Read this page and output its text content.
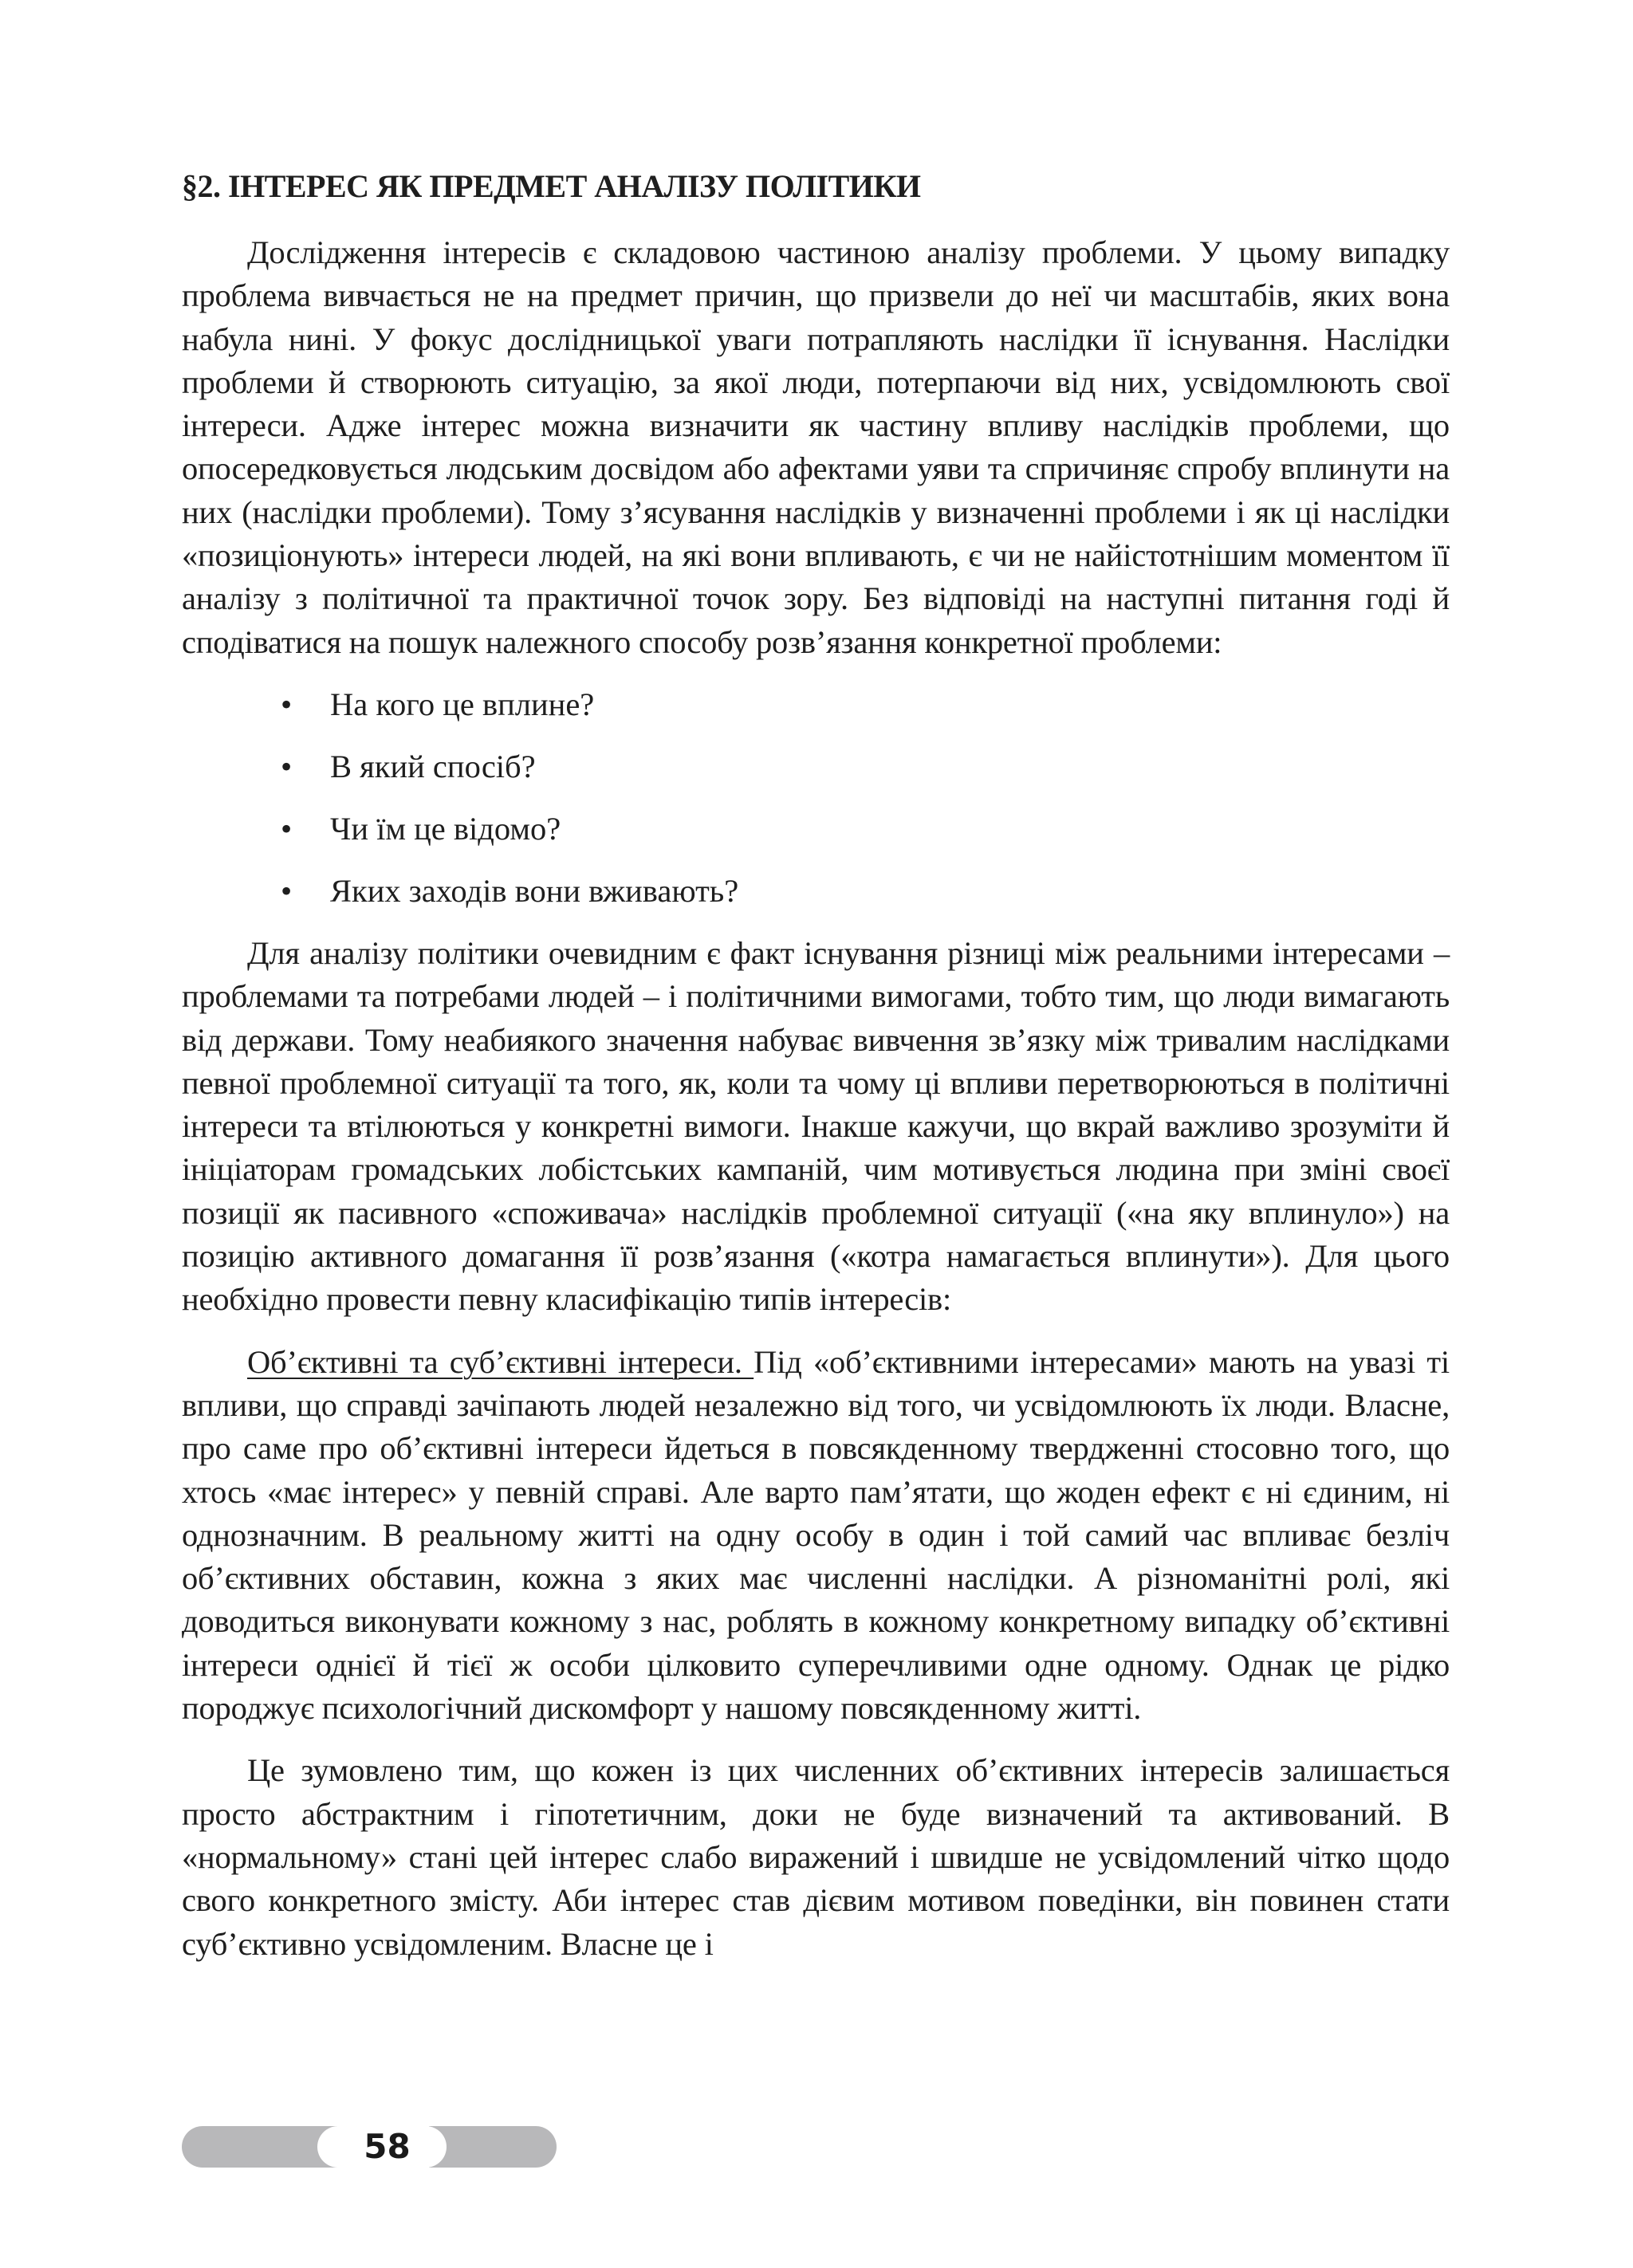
§2. ІНТЕРЕС ЯК ПРЕДМЕТ АНАЛІЗУ ПОЛІТИКИ

Дослідження інтересів є складовою частиною аналізу проблеми. У цьому випадку проблема вивчається не на предмет причин, що призвели до неї чи масштабів, яких вона набула нині. У фокус дослідницької уваги потрапляють наслідки її існування. Наслідки проблеми й створюють ситуацію, за якої люди, потерпаючи від них, усвідомлюють свої інтереси. Адже інтерес можна визначити як частину впливу наслідків проблеми, що опосередковується людським досвідом або афектами уяви та спричиняє спробу вплинути на них (наслідки проблеми). Тому з’ясування наслідків у визначенні проблеми і як ці наслідки «позиціонують» інтереси людей, на які вони впливають, є чи не найістотнішим моментом її аналізу з політичної та практичної точок зору. Без відповіді на наступні питання годі й сподіватися на пошук належного способу розв’язання конкретної проблеми:

• На кого це вплине?
• В який спосіб?
• Чи їм це відомо?
• Яких заходів вони вживають?

Для аналізу політики очевидним є факт існування різниці між реальними інтересами – проблемами та потребами людей – і політичними вимогами, тобто тим, що люди вимагають від держави. Тому неабиякого значення набуває вивчення зв’язку між тривалим наслідками певної проблемної ситуації та того, як, коли та чому ці впливи перетворюються в політичні інтереси та втілюються у конкретні вимоги. Інакше кажучи, що вкрай важливо зрозуміти й ініціаторам громадських лобістських кампаній, чим мотивується людина при зміні своєї позиції як пасивного «споживача» наслідків проблемної ситуації («на яку вплинуло») на позицію активного домагання її розв’язання («котра намагається вплинути»). Для цього необхідно провести певну класифікацію типів інтересів:

Об’єктивні та суб’єктивні інтереси. Під «об’єктивними інтересами» мають на увазі ті впливи, що справді зачіпають людей незалежно від того, чи усвідомлюють їх люди. Власне, про саме про об’єктивні інтереси йдеться в повсякденному твердженні стосовно того, що хтось «має інтерес» у певній справі. Але варто пам’ятати, що жоден ефект є ні єдиним, ні однозначним. В реальному житті на одну особу в один і той самий час впливає безліч об’єктивних обставин, кожна з яких має численні наслідки. А різноманітні ролі, які доводиться виконувати кожному з нас, роблять в кожному конкретному випадку об’єктивні інтереси однієї й тієї ж особи цілковито суперечливими одне одному. Однак це рідко породжує психологічний дискомфорт у нашому повсякденному житті.

Це зумовлено тим, що кожен із цих численних об’єктивних інтересів залишається просто абстрактним і гіпотетичним, доки не буде визначений та активований. В «нормальному» стані цей інтерес слабо виражений і швидше не усвідомлений чітко щодо свого конкретного змісту. Аби інтерес став дієвим мотивом поведінки, він повинен стати суб’єктивно усвідомленим. Власне це і

58
